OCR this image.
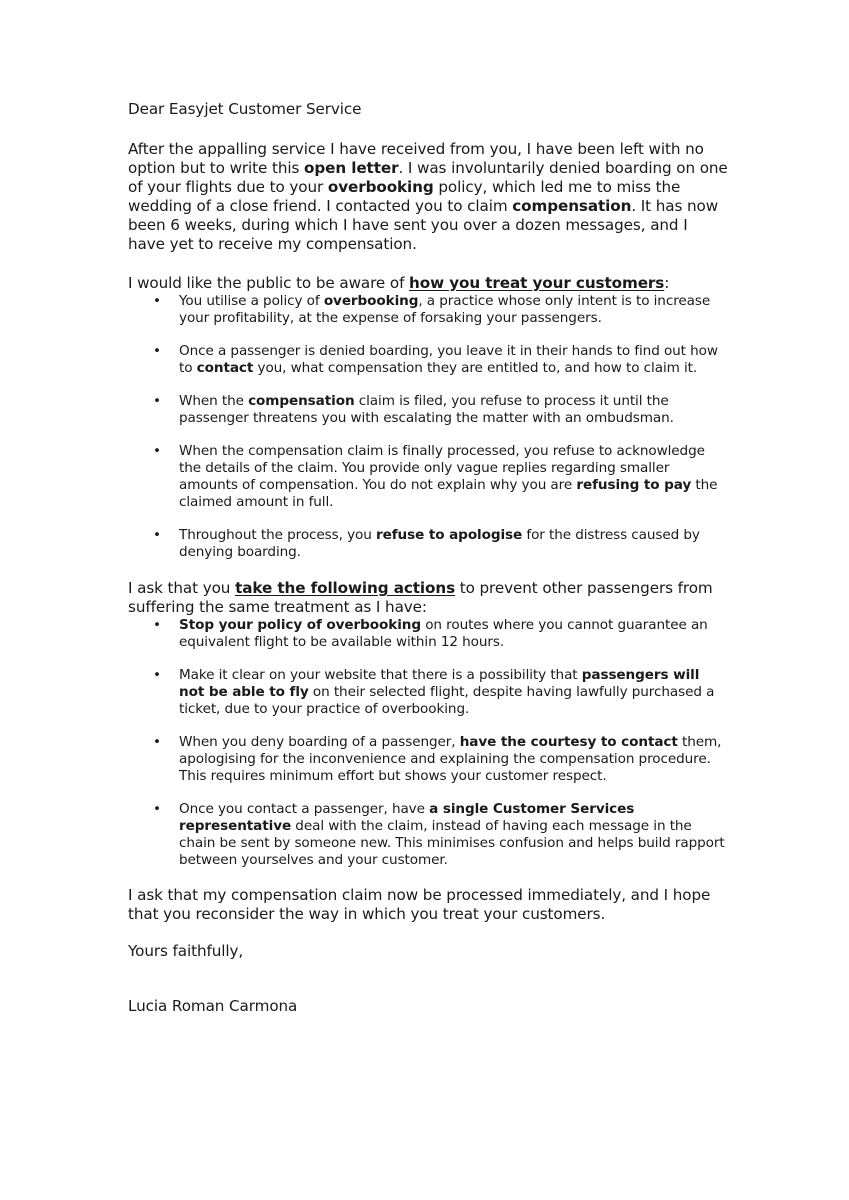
Dear Easyjet Customer Service

After the appalling service I have received from you, I have been left with no option but to write this open letter. I was involuntarily denied boarding on one of your flights due to your overbooking policy, which led me to miss the wedding of a close friend. I contacted you to claim compensation. It has now been 6 weeks, during which I have sent you over a dozen messages, and I have yet to receive my compensation.

I would like the public to be aware of how you treat your customers:

• You utilise a policy of overbooking, a practice whose only intent is to increase your profitability, at the expense of forsaking your passengers.
• Once a passenger is denied boarding, you leave it in their hands to find out how to contact you, what compensation they are entitled to, and how to claim it.
• When the compensation claim is filed, you refuse to process it until the passenger threatens you with escalating the matter with an ombudsman.
• When the compensation claim is finally processed, you refuse to acknowledge the details of the claim. You provide only vague replies regarding smaller amounts of compensation. You do not explain why you are refusing to pay the claimed amount in full.
• Throughout the process, you refuse to apologise for the distress caused by denying boarding.

I ask that you take the following actions to prevent other passengers from suffering the same treatment as I have:

• Stop your policy of overbooking on routes where you cannot guarantee an equivalent flight to be available within 12 hours.
• Make it clear on your website that there is a possibility that passengers will not be able to fly on their selected flight, despite having lawfully purchased a ticket, due to your practice of overbooking.
• When you deny boarding of a passenger, have the courtesy to contact them, apologising for the inconvenience and explaining the compensation procedure. This requires minimum effort but shows your customer respect.
• Once you contact a passenger, have a single Customer Services representative deal with the claim, instead of having each message in the chain be sent by someone new. This minimises confusion and helps build rapport between yourselves and your customer.

I ask that my compensation claim now be processed immediately, and I hope that you reconsider the way in which you treat your customers.

Yours faithfully,

Lucia Roman Carmona
